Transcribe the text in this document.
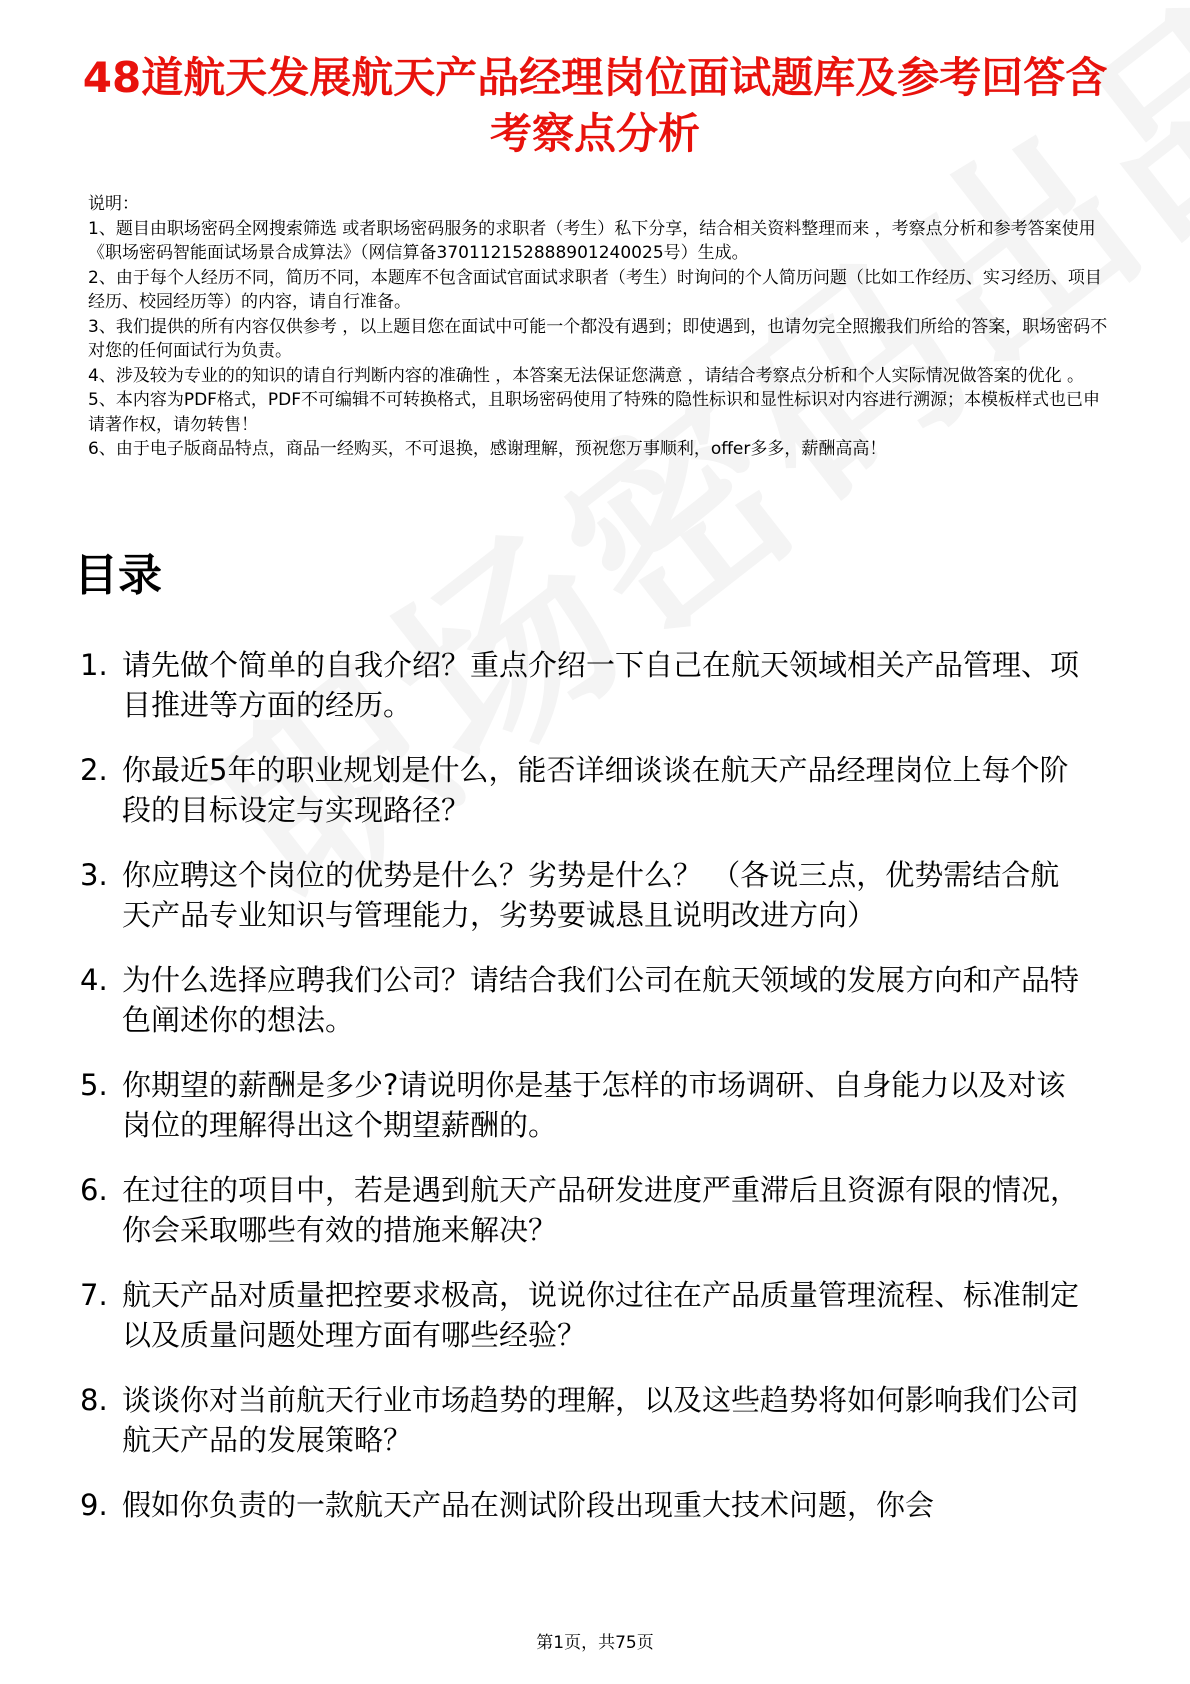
48道航天发展航天产品经理岗位面试题库及参考回答含考察点分析

说明：

1、题目由职场密码全网搜索筛选 或者职场密码服务的求职者（考生）私下分享，结合相关资料整理而来 ，考察点分析和参考答案使用《职场密码智能面试场景合成算法》（网信算备370112152888901240025号）生成。

2、由于每个人经历不同，简历不同，本题库不包含面试官面试求职者（考生）时询问的个人简历问题（比如工作经历、实习经历、项目经历、校园经历等）的内容，请自行准备。

3、我们提供的所有内容仅供参考 ，以上题目您在面试中可能一个都没有遇到；即使遇到，也请勿完全照搬我们所给的答案，职场密码不对您的任何面试行为负责。

4、涉及较为专业的的知识的请自行判断内容的准确性 ，本答案无法保证您满意 ，请结合考察点分析和个人实际情况做答案的优化 。

5、本内容为PDF格式，PDF不可编辑不可转换格式，且职场密码使用了特殊的隐性标识和显性标识对内容进行溯源；本模板样式也已申请著作权，请勿转售！

6、由于电子版商品特点，商品一经购买，不可退换，感谢理解，预祝您万事顺利，offer多多，薪酬高高！

目录
1. 请先做个简单的自我介绍？重点介绍一下自己在航天领域相关产品管理、项目推进等方面的经历。
2. 你最近5年的职业规划是什么，能否详细谈谈在航天产品经理岗位上每个阶段的目标设定与实现路径？
3. 你应聘这个岗位的优势是什么？劣势是什么？ （各说三点，优势需结合航天产品专业知识与管理能力，劣势要诚恳且说明改进方向）
4. 为什么选择应聘我们公司？请结合我们公司在航天领域的发展方向和产品特色阐述你的想法。
5. 你期望的薪酬是多少?请说明你是基于怎样的市场调研、自身能力以及对该岗位的理解得出这个期望薪酬的。
6. 在过往的项目中，若是遇到航天产品研发进度严重滞后且资源有限的情况，你会采取哪些有效的措施来解决？
7. 航天产品对质量把控要求极高，说说你过往在产品质量管理流程、标准制定以及质量问题处理方面有哪些经验？
8. 谈谈你对当前航天行业市场趋势的理解，以及这些趋势将如何影响我们公司航天产品的发展策略？
9. 假如你负责的一款航天产品在测试阶段出现重大技术问题，你会
第1页，共75页
